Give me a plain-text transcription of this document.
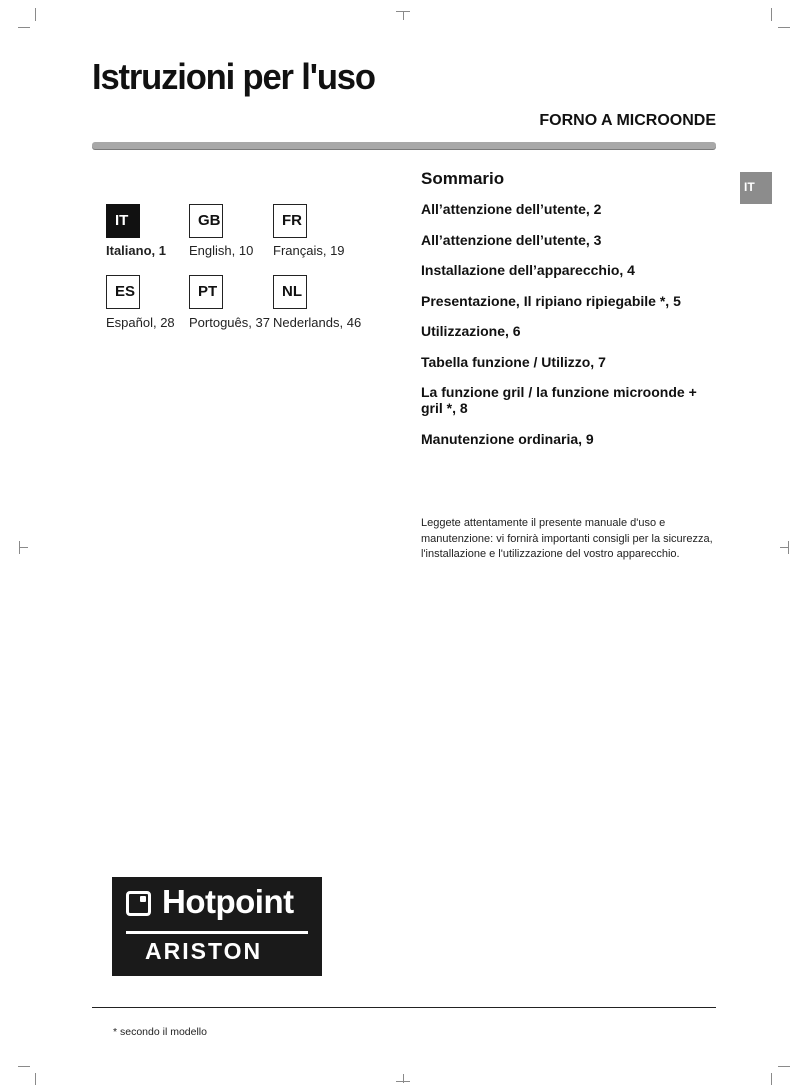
Istruzioni per l'uso
FORNO A MICROONDE
IT
IT
Italiano, 1
GB
English, 10
FR
Français, 19
ES
Español, 28
PT
Portoguês, 37
NL
Nederlands, 46
Sommario
All’attenzione dell’utente, 2
All’attenzione dell’utente, 3
Installazione dell’apparecchio, 4
Presentazione, Il ripiano ripiegabile *, 5
Utilizzazione, 6
Tabella funzione / Utilizzo, 7
La funzione gril / la funzione microonde + gril *, 8
Manutenzione ordinaria, 9
Leggete attentamente il presente manuale d'uso e manutenzione: vi fornirà importanti consigli per la sicurezza, l'installazione e l'utilizzazione del vostro apparecchio.
Hotpoint
ARISTON
* secondo il modello
